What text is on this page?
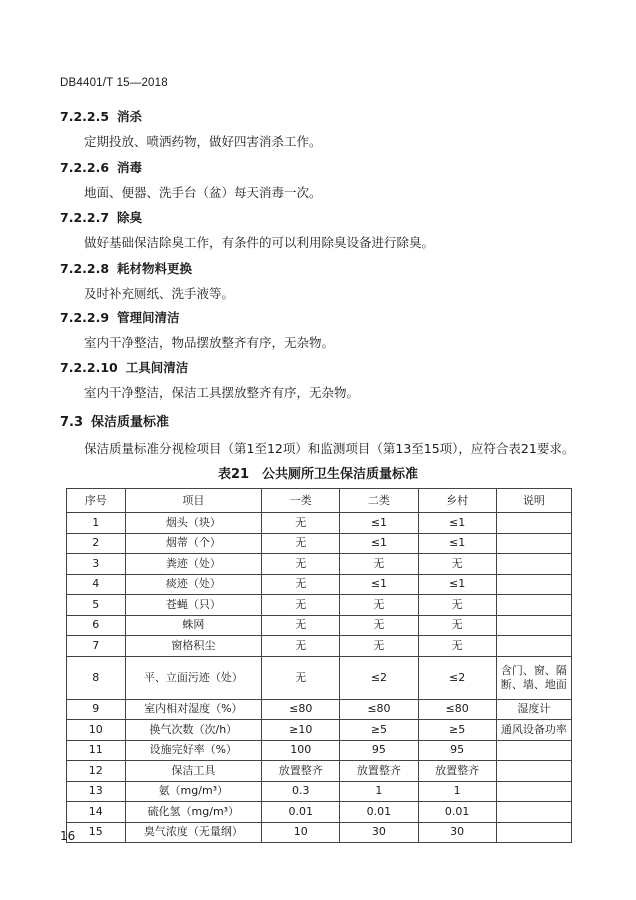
DB4401/T 15—2018
7.2.2.5 消杀
定期投放、喷洒药物，做好四害消杀工作。
7.2.2.6 消毒
地面、便器、洗手台（盆）每天消毒一次。
7.2.2.7 除臭
做好基础保洁除臭工作，有条件的可以利用除臭设备进行除臭。
7.2.2.8 耗材物料更换
及时补充厕纸、洗手液等。
7.2.2.9 管理间清洁
室内干净整洁，物品摆放整齐有序，无杂物。
7.2.2.10 工具间清洁
室内干净整洁，保洁工具摆放整齐有序，无杂物。
7.3 保洁质量标准
保洁质量标准分视检项目（第1至12项）和监测项目（第13至15项），应符合表21要求。
表21　公共厕所卫生保洁质量标准
序号	项目	一类	二类	乡村	说明
1	烟头（块）	无	≤1	≤1	
2	烟蒂（个）	无	≤1	≤1	
3	粪迹（处）	无	无	无	
4	痰迹（处）	无	≤1	≤1	
5	苍蝇（只）	无	无	无	
6	蛛网	无	无	无	
7	窗格积尘	无	无	无	
8	平、立面污迹（处）	无	≤2	≤2	含门、窗、隔断、墙、地面
9	室内相对湿度（%）	≤80	≤80	≤80	湿度计
10	换气次数（次/h）	≥10	≥5	≥5	通风设备功率
11	设施完好率（%）	100	95	95	
12	保洁工具	放置整齐	放置整齐	放置整齐	
13	氨（mg/m³）	0.3	1	1	
14	硫化氢（mg/m³）	0.01	0.01	0.01	
15	臭气浓度（无量纲）	10	30	30	
16
